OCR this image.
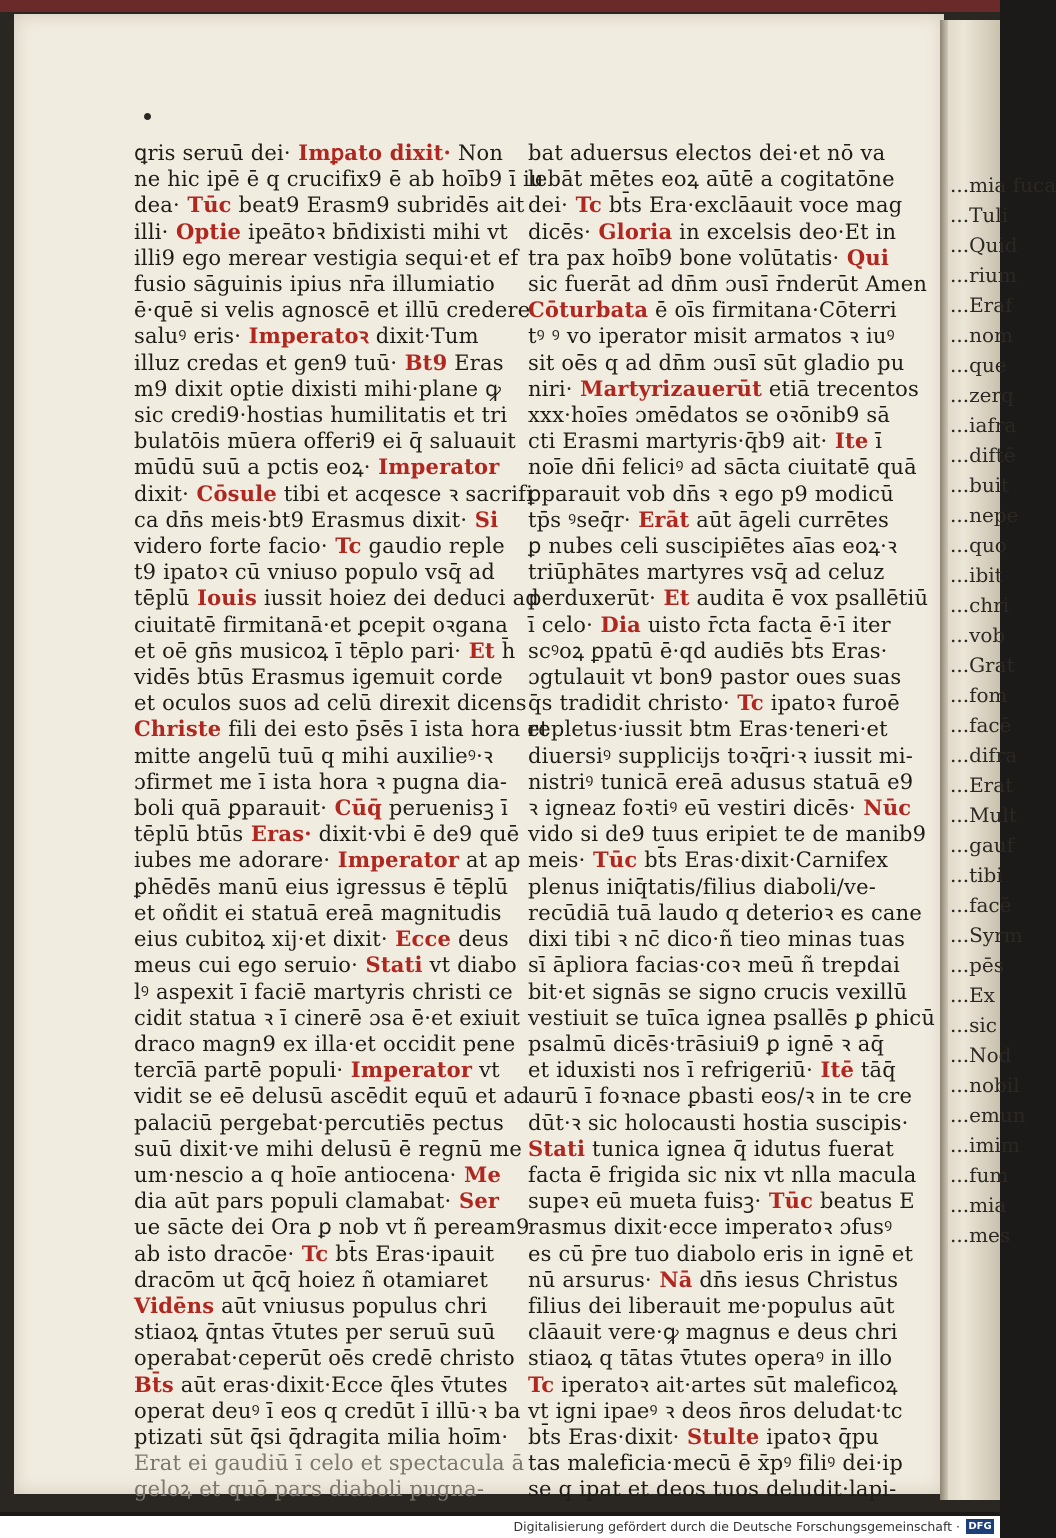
...mia fuca
...Tuli
...Quid
...rium
...Eraf
...nom
...que
...zerq
...iafra
...diftē
...buit
...nepe
...quo
...ibit
...chri
...vob
...Grat
...fom
...facē
...difra
...Erat
...Mult
...gauf
...tibi
...facē
...Syrm
...pēs
...Ex
...sic
...Nod
...nobil
...emun
...imim
...fum
...mia
...mes
ꝗris seruū dei· Imꝑato dixit· Non
ne hic ipē ē q crucifix9 ē ab hoīb9 ī iu
dea· Tūc beat9 Erasm9 subridēs ait
illi· Optie ipeātoꝛ bn̄dixisti mihi vt
illi9 ego merear vestigia sequi·et ef
fusio sāguinis ipius nr̄a illumiatio
ē·quē si velis agnoscē et illū credere
saluꝰ eris· Imperatoꝛ dixit·Tum
illuz credas et gen9 tuū· Bt9 Eras
m9 dixit optie dixisti mihi·plane ꝙ
sic credi9·hostias humilitatis et tri
bulatōis mūera offeri9 ei q̄ saluauit
mūdū suū a pctis eoꝝ· Imperator
dixit· Cōsule tibi et acqesce ꝛ sacrifi
ca dn̄s meis·bt9 Erasmus dixit· Si
videro forte facio· Tc gaudio reple
t9 ipatoꝛ cū vniuso populo vsq̄ ad
tēplū Iouis iussit hoiez dei deduci ad
ciuitatē firmitanā·et ꝑcepit oꝛgana
et oē gn̄s musicoꝝ ī tēplo pari· Et h̄
vidēs btūs Erasmus igemuit corde
et oculos suos ad celū direxit dicens
Christe fili dei esto p̄sēs ī ista hora et
mitte angelū tuū q mihi auxilieꝰ·ꝛ
ɔfirmet me ī ista hora ꝛ pugna dia-
boli quā ꝑparauit· Cūq̄ peruenisꝫ ī
tēplū btūs Eras· dixit·vbi ē de9 quē
iubes me adorare· Imperator at ap
ꝑhēdēs manū eius igressus ē tēplū
et oñdit ei statuā ereā magnitudis
eius cubitoꝝ xij·et dixit· Ecce deus
meus cui ego seruio· Stati vt diabo
lꝰ aspexit ī faciē martyris christi ce
cidit statua ꝛ ī cinerē ɔsa ē·et exiuit
draco magn9 ex illa·et occidit pene
tercīā partē populi· Imperator vt
vidit se eē delusū ascēdit equū et ad
palaciū pergebat·percutiēs pectus
suū dixit·ve mihi delusū ē regnū me
um·nescio a q hoīe antiocena· Me
dia aūt pars populi clamabat· Ser
ue sācte dei Ora ꝑ nob vt ñ peream9
ab isto dracōe· Tc bt̄s Eras·ipauit
dracōm ut q̄cq̄ hoiez ñ otamiaret
Vidēns aūt vniusus populus chri
stiaoꝝ q̄ntas v̄tutes per seruū suū
operabat·ceperūt oēs credē christo
Bt̄s aūt eras·dixit·Ecce q̄les v̄tutes
operat deuꝰ ī eos q credūt ī illū·ꝛ ba
ptizati sūt q̄si q̄dragita milia hoīm·
Erat ei gaudiū ī celo et spectacula ā
geloꝝ et quō pars diaboli pugna-
bat aduersus electos dei·et nō va
lebāt mētes eoꝝ aūtē a cogitatōne
dei· Tc bt̄s Era·exclāauit voce mag
dicēs· Gloria in excelsis deo·Et in
tra pax hoīb9 bone volūtatis· Qui
sic fuerāt ad dn̄m ɔusī r̄nderūt Amen
Cōturbata ē oīs firmitana·Cōterri
tꝰ ꝰ vo iperator misit armatos ꝛ iuꝰ
sit oēs q ad dn̄m ɔusī sūt gladio pu
niri· Martyrizauerūt etiā trecentos
xxx·hoīes ɔmēdatos se oꝛōnib9 sā
cti Erasmi martyris·q̄b9 ait· Ite ī
noīe dn̄i feliciꝰ ad sācta ciuitatē quā
ꝑparauit vob dn̄s ꝛ ego p9 modicū
tp̄s ꝰseq̄r· Erāt aūt āgeli currētes
ꝑ nubes celi suscipiētes aīas eoꝝ·ꝛ
triūphātes martyres vsq̄ ad celuz
perduxerūt· Et audita ē vox psallētiū
ī celo· Dia uisto r̄cta facta ē·ī iter
scꝰoꝝ ꝑpatū ē·qd audiēs bt̄s Eras·
ɔgtulauit vt bon9 pastor oues suas
q̄s tradidit christo· Tc ipatoꝛ furoē
repletus·iussit btm Eras·teneri·et
diuersiꝰ supplicijs toꝛq̄ri·ꝛ iussit mi-
nistriꝰ tunicā ereā adusus statuā e9
ꝛ igneaz foꝛtiꝰ eū vestiri dicēs· Nūc
vido si de9 tuus eripiet te de manib9
meis· Tūc bt̄s Eras·dixit·Carnifex
plenus iniq̄tatis/filius diaboli/ve-
recūdiā tuā laudo q deterioꝛ es cane
dixi tibi ꝛ nc̄ dico·ñ tieo minas tuas
sī āpliora facias·coꝛ meū ñ trepdai
bit·et signās se signo crucis vexillū
vestiuit se tuīca ignea psallēs ꝑ ꝑhicū
psalmū dicēs·trāsiui9 ꝑ ignē ꝛ aq̄
et iduxisti nos ī refrigeriū· Itē tāq̄
aurū ī foꝛnace ꝑbasti eos/ꝛ in te cre
dūt·ꝛ sic holocausti hostia suscipis·
Stati tunica ignea q̄ idutus fuerat
facta ē frigida sic nix vt nlla macula
supeꝛ eū mueta fuisꝫ· Tūc beatus E
rasmus dixit·ecce imperatoꝛ ɔfusꝰ
es cū p̄re tuo diabolo eris in ignē et
nū arsurus· Nā dn̄s iesus Christus
filius dei liberauit me·populus aūt
clāauit vere·ꝙ magnus e deus chri
stiaoꝝ q tātas v̄tutes operaꝰ in illo
Tc iperatoꝛ ait·artes sūt maleficoꝝ
vt igni ipaeꝰ ꝛ deos n̄ros deludat·tc
bt̄s Eras·dixit· Stulte ipatoꝛ q̄pu
tas maleficia·mecū ē x̄pꝰ filiꝰ dei·ip
se q ipat et deos tuos deludit·lapi-
Digitalisierung gefördert durch die Deutsche Forschungsgemeinschaft · DFG
